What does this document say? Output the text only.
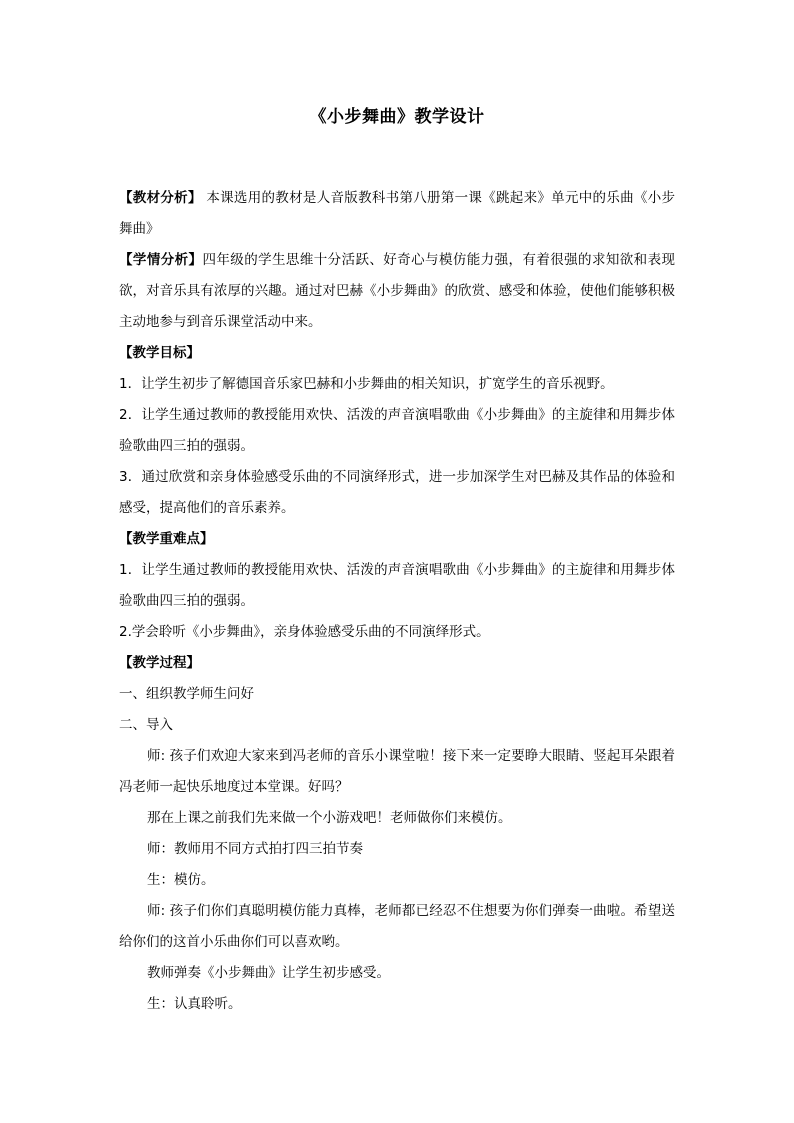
《小步舞曲》教学设计

【教材分析】 本课选用的教材是人音版教科书第八册第一课《跳起来》单元中的乐曲《小步舞曲》

【学情分析】四年级的学生思维十分活跃、好奇心与模仿能力强，有着很强的求知欲和表现欲，对音乐具有浓厚的兴趣。通过对巴赫《小步舞曲》的欣赏、感受和体验，使他们能够积极主动地参与到音乐课堂活动中来。

【教学目标】

1．让学生初步了解德国音乐家巴赫和小步舞曲的相关知识，扩宽学生的音乐视野。

2．让学生通过教师的教授能用欢快、活泼的声音演唱歌曲《小步舞曲》的主旋律和用舞步体验歌曲四三拍的强弱。

3．通过欣赏和亲身体验感受乐曲的不同演绎形式，进一步加深学生对巴赫及其作品的体验和感受，提高他们的音乐素养。

【教学重难点】

1．让学生通过教师的教授能用欢快、活泼的声音演唱歌曲《小步舞曲》的主旋律和用舞步体验歌曲四三拍的强弱。

2.学会聆听《小步舞曲》，亲身体验感受乐曲的不同演绎形式。

【教学过程】

一、组织教学师生问好

二、导入

师: 孩子们欢迎大家来到冯老师的音乐小课堂啦！接下来一定要睁大眼睛、竖起耳朵跟着冯老师一起快乐地度过本堂课。好吗？

那在上课之前我们先来做一个小游戏吧！老师做你们来模仿。

师：教师用不同方式拍打四三拍节奏

生：模仿。

师: 孩子们你们真聪明模仿能力真棒，老师都已经忍不住想要为你们弹奏一曲啦。希望送给你们的这首小乐曲你们可以喜欢哟。

教师弹奏《小步舞曲》让学生初步感受。

生：认真聆听。
